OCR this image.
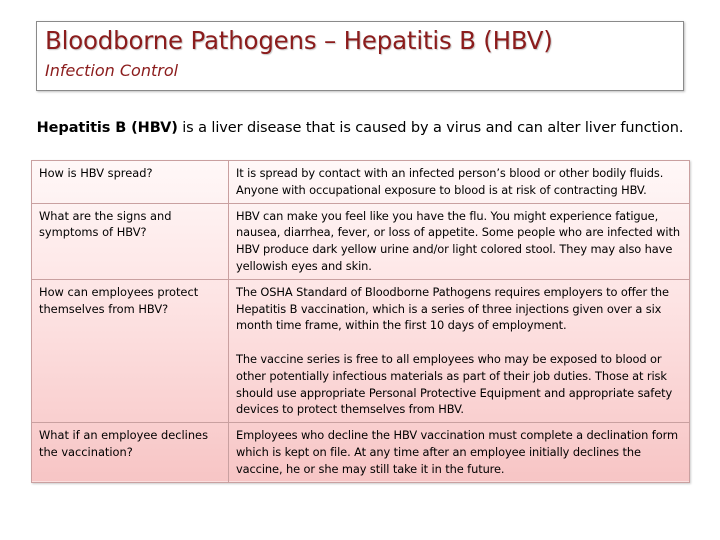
Bloodborne Pathogens – Hepatitis B (HBV)
Infection Control
Hepatitis B (HBV) is a liver disease that is caused by a virus and can alter liver function.
How is HBV spread?	It is spread by contact with an infected person’s blood or other bodily fluids. Anyone with occupational exposure to blood is at risk of contracting HBV.

What are the signs and symptoms of HBV?	HBV can make you feel like you have the flu. You might experience fatigue, nausea, diarrhea, fever, or loss of appetite. Some people who are infected with HBV produce dark yellow urine and/or light colored stool. They may also have yellowish eyes and skin.

How can employees protect themselves from HBV?	The OSHA Standard of Bloodborne Pathogens requires employers to offer the Hepatitis B vaccination, which is a series of three injections given over a six month time frame, within the first 10 days of employment.
The vaccine series is free to all employees who may be exposed to blood or other potentially infectious materials as part of their job duties. Those at risk should use appropriate Personal Protective Equipment and appropriate safety devices to protect themselves from HBV.

What if an employee declines the vaccination?	Employees who decline the HBV vaccination must complete a declination form which is kept on file. At any time after an employee initially declines the vaccine, he or she may still take it in the future.
